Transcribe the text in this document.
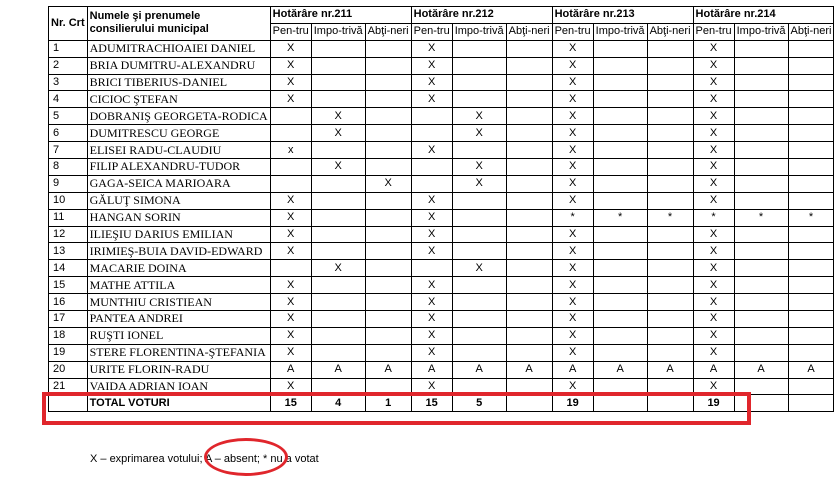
Nr. Crt	Numele şi prenumele consilierului municipal	Hotărâre nr.211			Hotărâre nr.212			Hotărâre nr.213			Hotărâre nr.214		
		Pen-tru	Impo-trivă	Abţi-neri	Pen-tru	Impo-trivă	Abţi-neri	Pen-tru	Impo-trivă	Abţi-neri	Pen-tru	Impo-trivă	Abţi-neri
1	ADUMITRACHIOAIEI DANIEL	X			X			X			X		
2	BRIA DUMITRU-ALEXANDRU	X			X			X			X		
3	BRICI TIBERIUS-DANIEL	X			X			X			X		
4	CICIOC ŞTEFAN	X			X			X			X		
5	DOBRANIŞ GEORGETA-RODICA		X			X		X			X		
6	DUMITRESCU GEORGE		X			X		X			X		
7	ELISEI RADU-CLAUDIU	x			X			X			X		
8	FILIP ALEXANDRU-TUDOR		X			X		X			X		
9	GAGA-SEICA MARIOARA			X		X		X			X		
10	GĂLUŢ SIMONA	X			X			X			X		
11	HANGAN SORIN	X			X			*	*	*	*	*	*
12	ILIEŞIU DARIUS EMILIAN	X			X			X			X		
13	IRIMIEŞ-BUIA DAVID-EDWARD	X			X			X			X		
14	MACARIE DOINA		X			X		X			X		
15	MATHE ATTILA	X			X			X			X		
16	MUNTHIU CRISTIEAN	X			X			X			X		
17	PANTEA ANDREI	X			X			X			X		
18	RUŞTI IONEL	X			X			X			X		
19	STERE FLORENTINA-ŞTEFANIA	X			X			X			X		
20	URITE FLORIN-RADU	A	A	A	A	A	A	A	A	A	A	A	A
21	VAIDA ADRIAN IOAN	X			X			X			X		
	TOTAL VOTURI	15	4	1	15	5		19			19		
X – exprimarea votului; A – absent; * nu a votat
